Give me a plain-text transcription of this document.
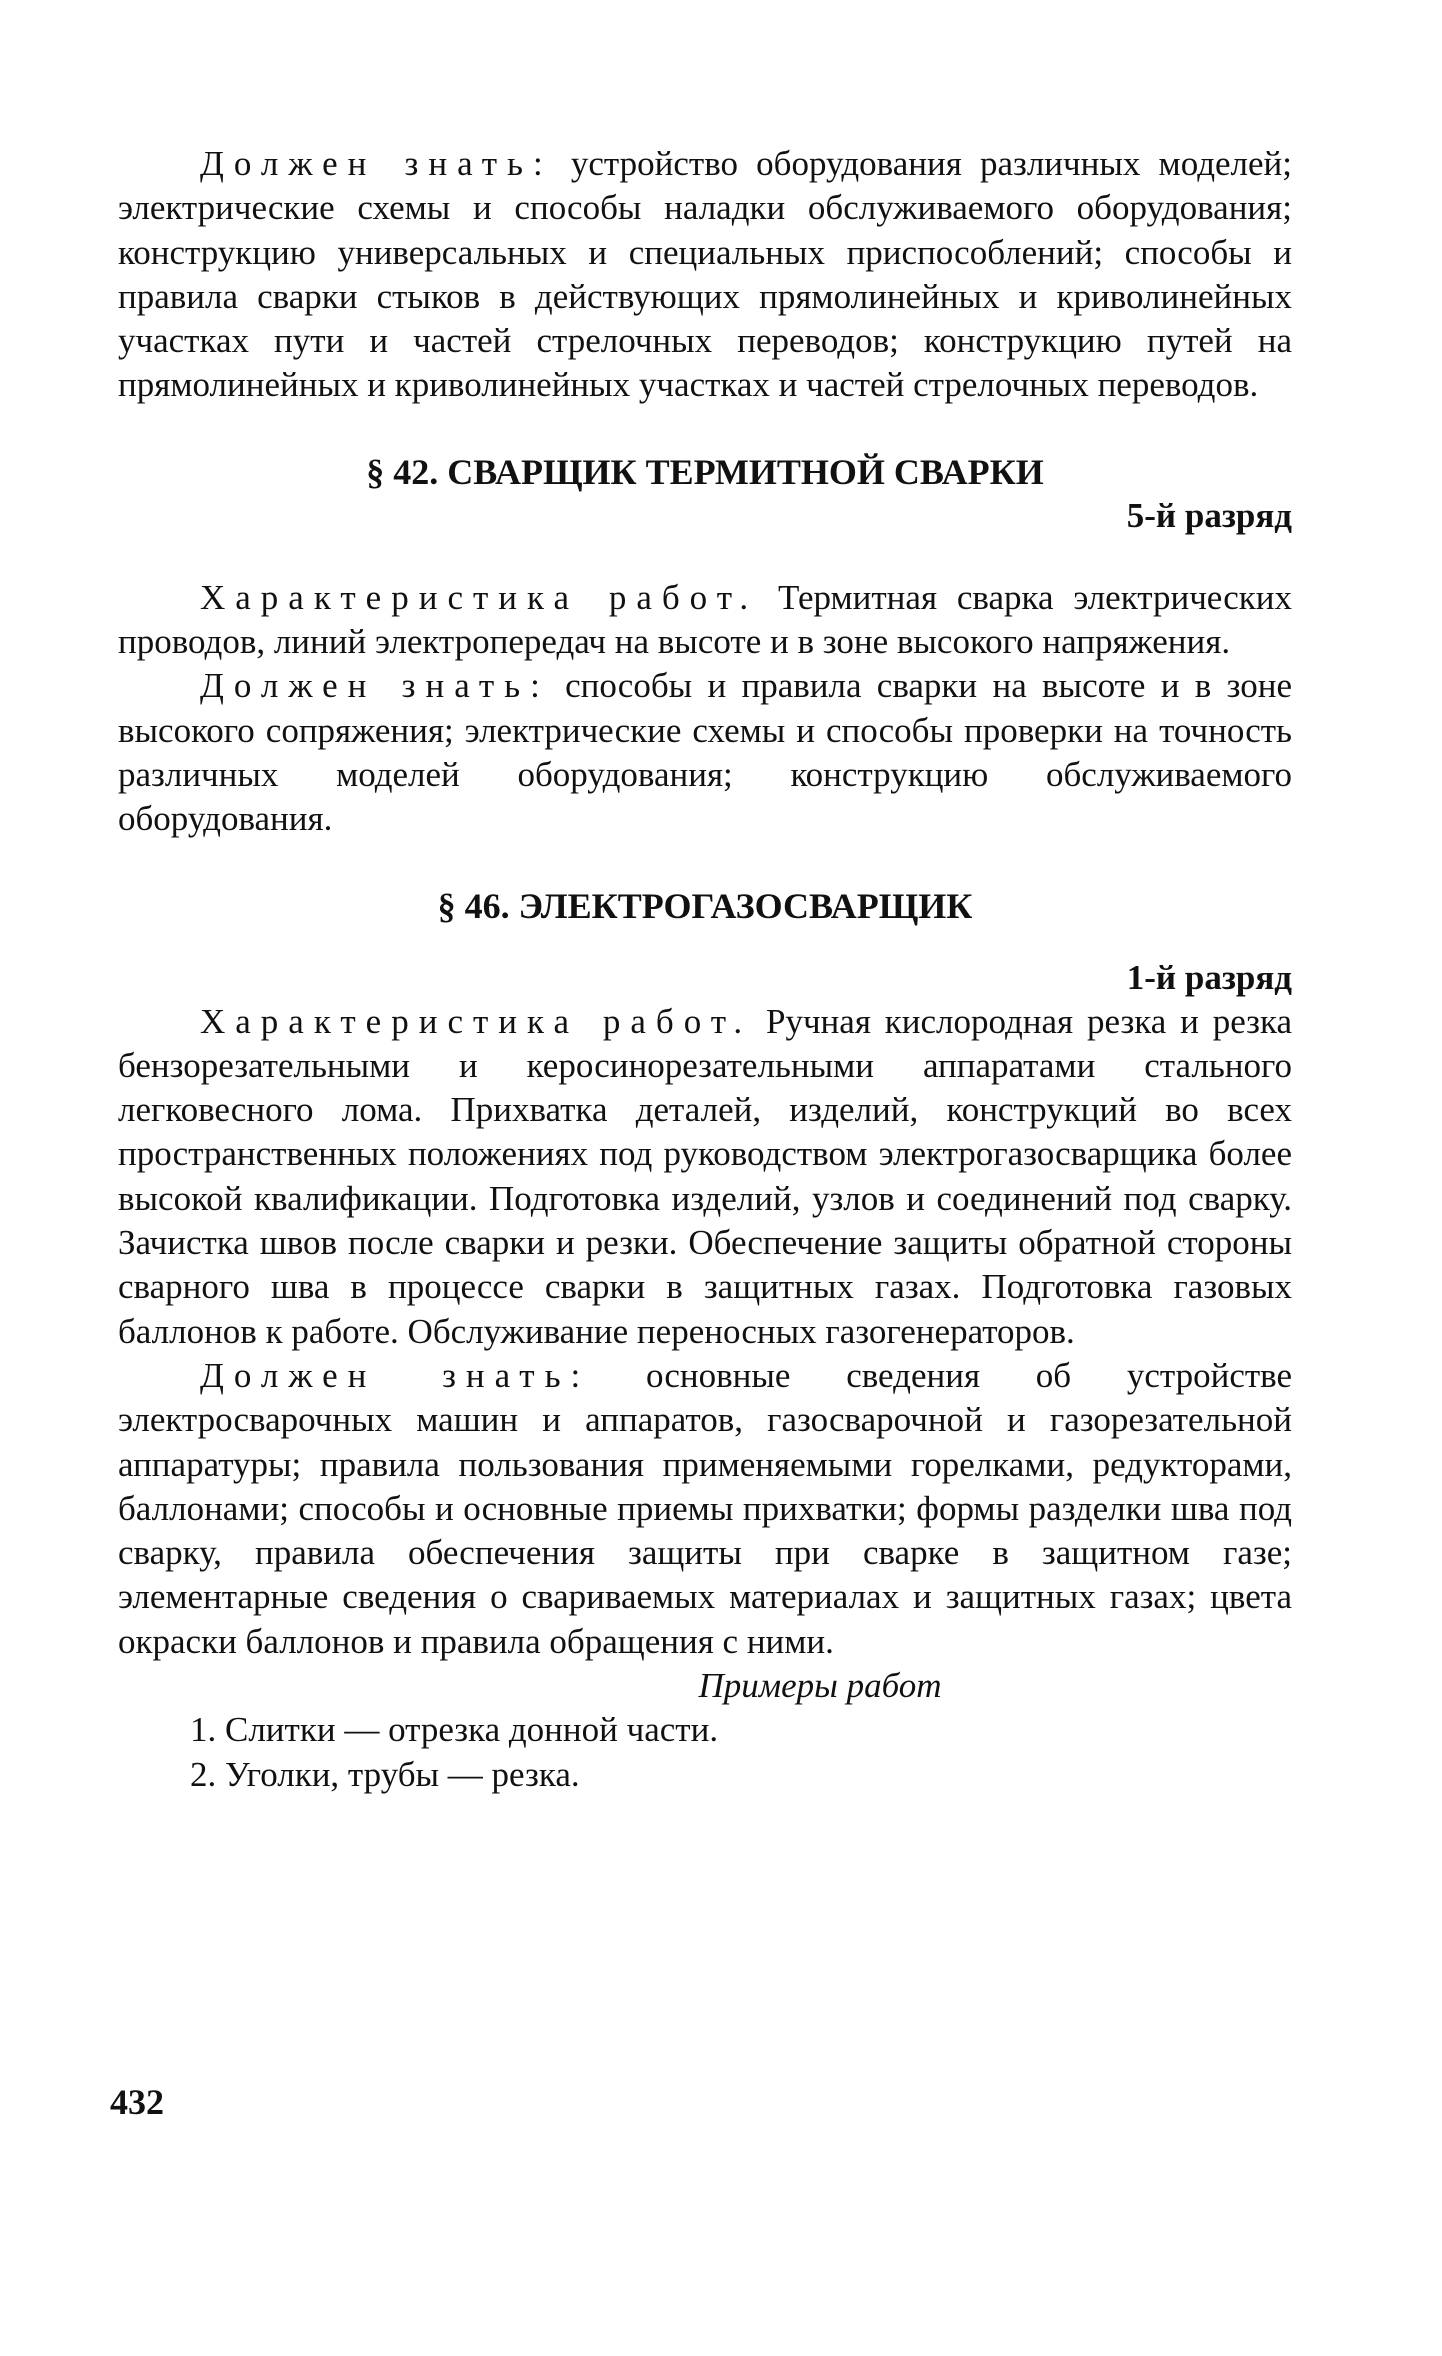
Должен знать: устройство оборудования различных моделей; электрические схемы и способы наладки обслуживаемого оборудования; конструкцию универсальных и специальных приспособлений; способы и правила сварки стыков в действующих прямолинейных и криволинейных участках пути и частей стрелочных переводов; конструкцию путей на прямолинейных и криволинейных участках и частей стрелочных переводов.

§ 42. СВАРЩИК ТЕРМИТНОЙ СВАРКИ
5-й разряд

Характеристика работ. Термитная сварка электрических проводов, линий электропередач на высоте и в зоне высокого напряжения.

Должен знать: способы и правила сварки на высоте и в зоне высокого сопряжения; электрические схемы и способы проверки на точность различных моделей оборудования; конструкцию обслуживаемого оборудования.

§ 46. ЭЛЕКТРОГАЗОСВАРЩИК
1-й разряд

Характеристика работ. Ручная кислородная резка и резка бензорезательными и керосинорезательными аппаратами стального легковесного лома. Прихватка деталей, изделий, конструкций во всех пространственных положениях под руководством электрогазосварщика более высокой квалификации. Подготовка изделий, узлов и соединений под сварку. Зачистка швов после сварки и резки. Обеспечение защиты обратной стороны сварного шва в процессе сварки в защитных газах. Подготовка газовых баллонов к работе. Обслуживание переносных газогенераторов.

Должен знать: основные сведения об устройстве электросварочных машин и аппаратов, газосварочной и газорезательной аппаратуры; правила пользования применяемыми горелками, редукторами, баллонами; способы и основные приемы прихватки; формы разделки шва под сварку, правила обеспечения защиты при сварке в защитном газе; элементарные сведения о свариваемых материалах и защитных газах; цвета окраски баллонов и правила обращения с ними.

Примеры работ
1. Слитки — отрезка донной части.
2. Уголки, трубы — резка.
432
